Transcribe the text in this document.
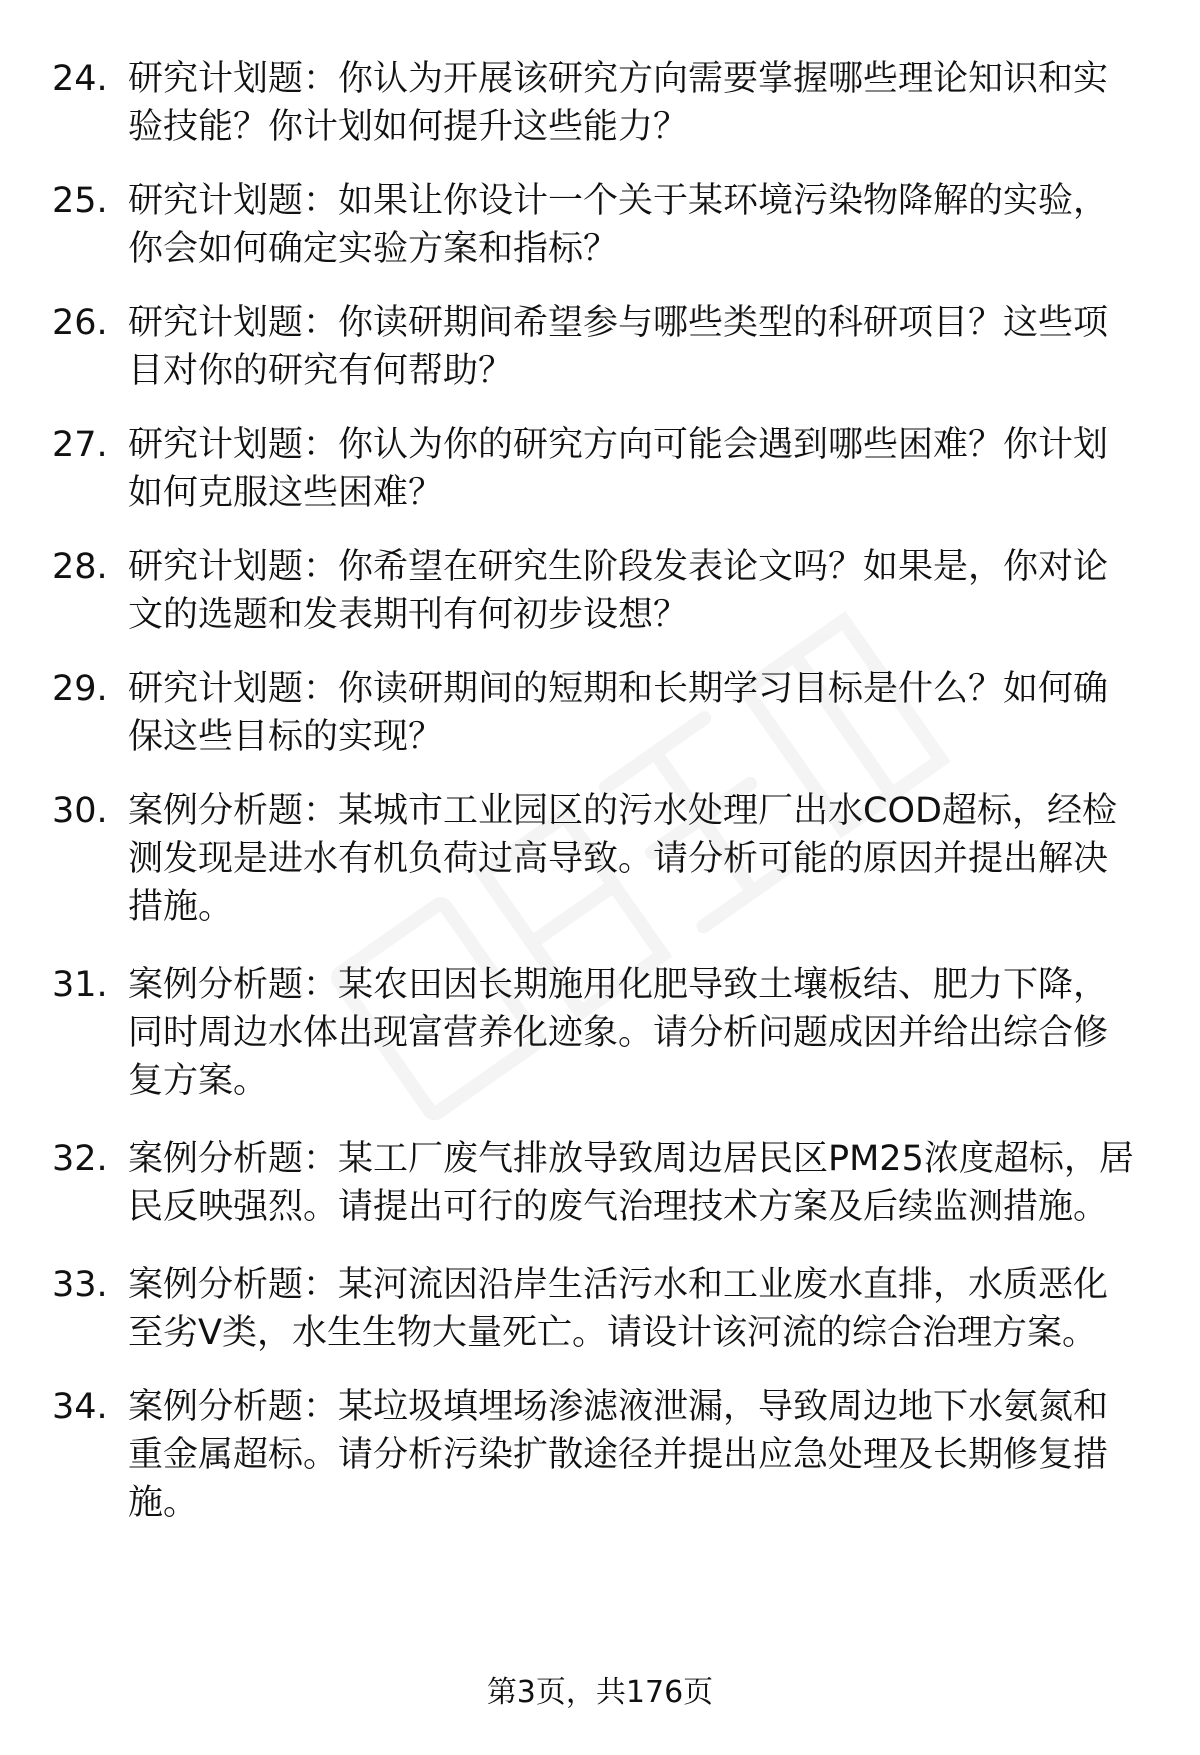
24. 研究计划题：你认为开展该研究方向需要掌握哪些理论知识和实验技能？你计划如何提升这些能力？
25. 研究计划题：如果让你设计一个关于某环境污染物降解的实验，你会如何确定实验方案和指标？
26. 研究计划题：你读研期间希望参与哪些类型的科研项目？这些项目对你的研究有何帮助？
27. 研究计划题：你认为你的研究方向可能会遇到哪些困难？你计划如何克服这些困难？
28. 研究计划题：你希望在研究生阶段发表论文吗？如果是，你对论文的选题和发表期刊有何初步设想？
29. 研究计划题：你读研期间的短期和长期学习目标是什么？如何确保这些目标的实现？
30. 案例分析题：某城市工业园区的污水处理厂出水COD超标，经检测发现是进水有机负荷过高导致。请分析可能的原因并提出解决措施。
31. 案例分析题：某农田因长期施用化肥导致土壤板结、肥力下降，同时周边水体出现富营养化迹象。请分析问题成因并给出综合修复方案。
32. 案例分析题：某工厂废气排放导致周边居民区PM25浓度超标，居民反映强烈。请提出可行的废气治理技术方案及后续监测措施。
33. 案例分析题：某河流因沿岸生活污水和工业废水直排，水质恶化至劣V类，水生生物大量死亡。请设计该河流的综合治理方案。
34. 案例分析题：某垃圾填埋场渗滤液泄漏，导致周边地下水氨氮和重金属超标。请分析污染扩散途径并提出应急处理及长期修复措施。
第3页，共176页
